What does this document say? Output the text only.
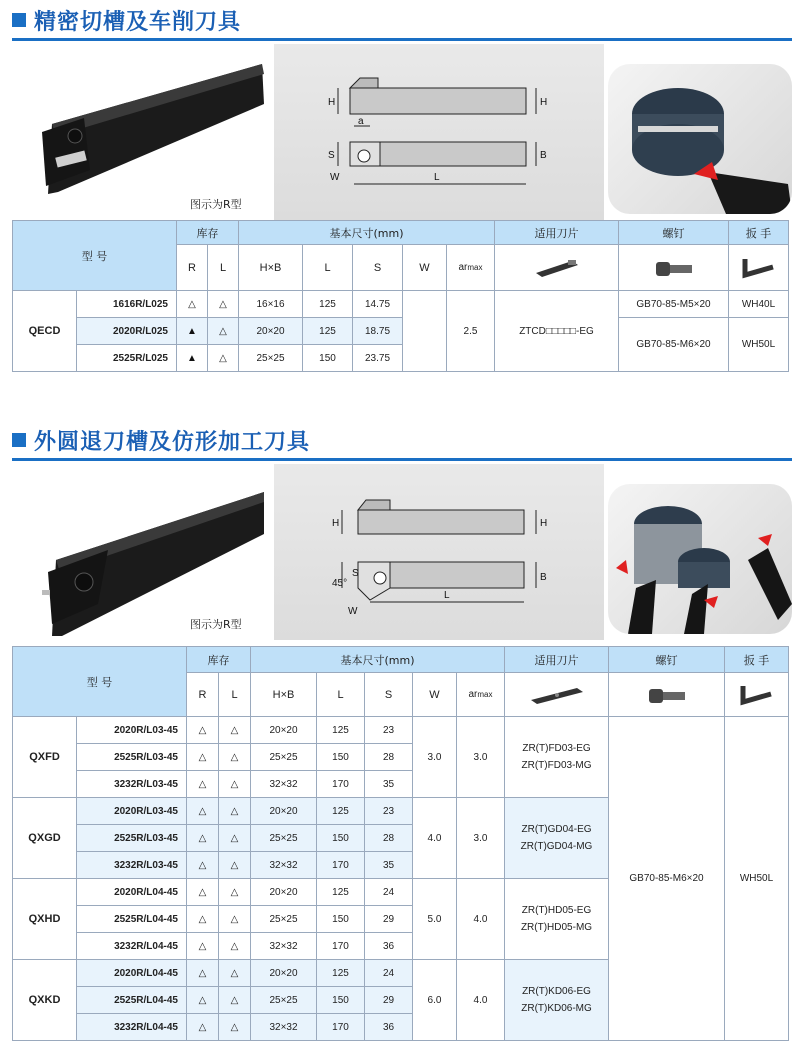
精密切槽及车削刀具
图示为R型
H	H
a
S	B
W	L
型 号		库存		基本尺寸(mm)					适用刀片	螺钉	扳 手
		R	L	H×B	L	S	W	armax	

QECD	1616R/L025	△	△	16×16	125	14.75		2.5	ZTCD□□□□□-EG	GB70-85-M5×20	WH40L
	2020R/L025	▲	△	20×20	125	18.75				GB70-85-M6×20	WH50L
	2525R/L025	▲	△	25×25	150	23.75					
外圆退刀槽及仿形加工刀具
图示为R型
H	H
45°
S	B
W
L
型 号		库存		基本尺寸(mm)					适用刀片	螺钉	扳 手
		R	L	H×B	L	S	W	armax	

QXFD	2020R/L03-45	△	△	20×20	125	23	3.0	3.0	ZR(T)FD03-EG
ZR(T)FD03-MG	GB70-85-M6×20	WH50L
	2525R/L03-45	△	△	25×25	150	28					
	3232R/L03-45	△	△	32×32	170	35					
QXGD	2020R/L03-45	△	△	20×20	125	23	4.0	3.0	ZR(T)GD04-EG
ZR(T)GD04-MG		

	2525R/L03-45	△	△	25×25	150	28					
	3232R/L03-45	△	△	32×32	170	35					
QXHD	2020R/L04-45	△	△	20×20	125	24	5.0	4.0	ZR(T)HD05-EG
ZR(T)HD05-MG		

	2525R/L04-45	△	△	25×25	150	29					
	3232R/L04-45	△	△	32×32	170	36					
QXKD	2020R/L04-45	△	△	20×20	125	24	6.0	4.0	ZR(T)KD06-EG
ZR(T)KD06-MG		

	2525R/L04-45	△	△	25×25	150	29					
	3232R/L04-45	△	△	32×32	170	36					
